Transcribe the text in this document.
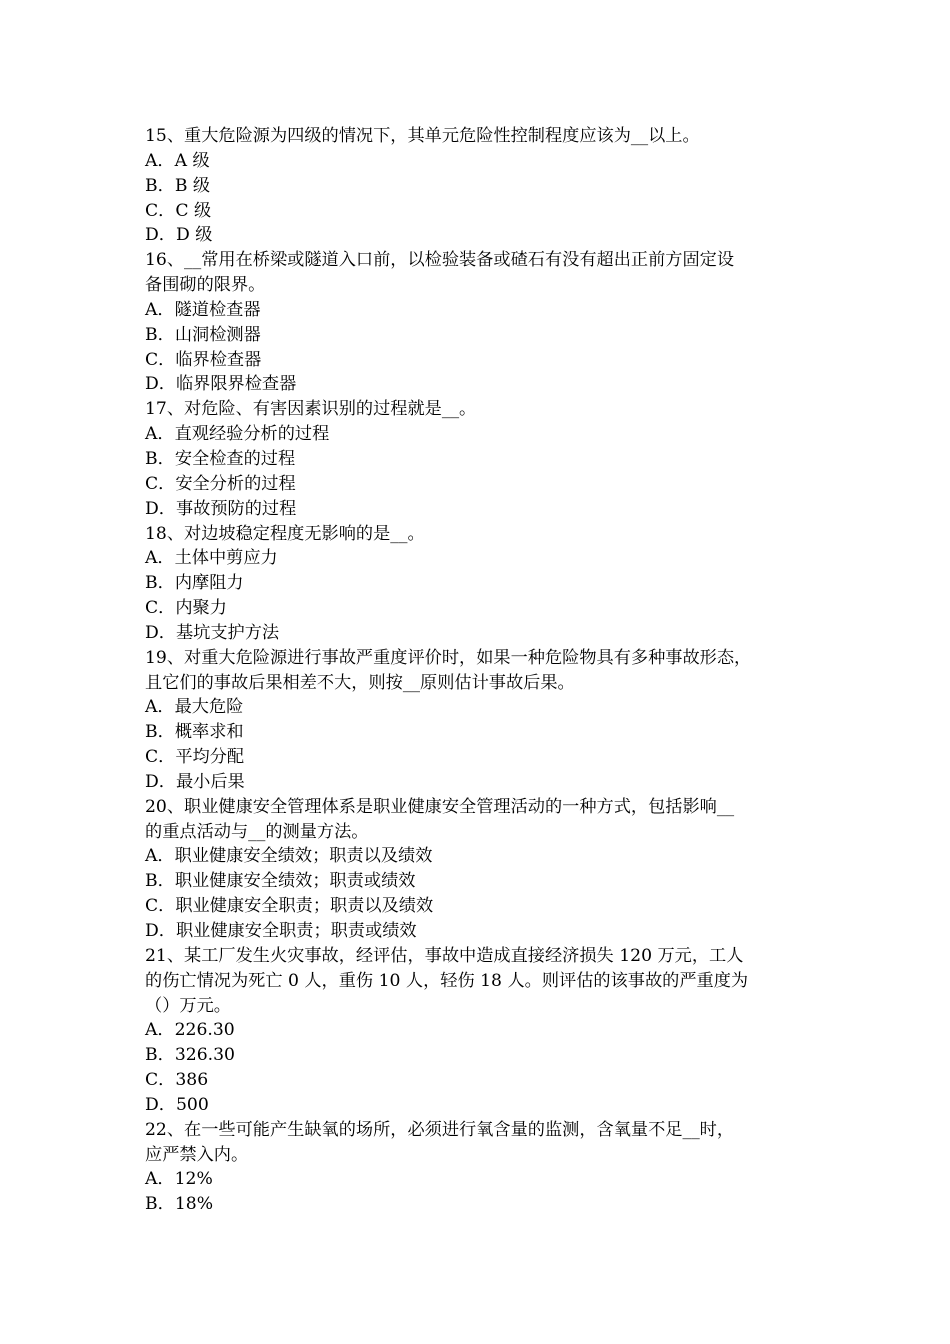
15、重大危险源为四级的情况下，其单元危险性控制程度应该为__以上。
A．A 级
B．B 级
C．C 级
D．D 级
16、__常用在桥梁或隧道入口前，以检验装备或碴石有没有超出正前方固定设
备围砌的限界。
A．隧道检查器
B．山洞检测器
C．临界检查器
D．临界限界检查器
17、对危险、有害因素识别的过程就是__。
A．直观经验分析的过程
B．安全检查的过程
C．安全分析的过程
D．事故预防的过程
18、对边坡稳定程度无影响的是__。
A．土体中剪应力
B．内摩阻力
C．内聚力
D．基坑支护方法
19、对重大危险源进行事故严重度评价时，如果一种危险物具有多种事故形态，
且它们的事故后果相差不大，则按__原则估计事故后果。
A．最大危险
B．概率求和
C．平均分配
D．最小后果
20、职业健康安全管理体系是职业健康安全管理活动的一种方式，包括影响__
的重点活动与__的测量方法。
A．职业健康安全绩效；职责以及绩效
B．职业健康安全绩效；职责或绩效
C．职业健康安全职责；职责以及绩效
D．职业健康安全职责；职责或绩效
21、某工厂发生火灾事故，经评估，事故中造成直接经济损失 120 万元，工人
的伤亡情况为死亡 0 人，重伤 10 人，轻伤 18 人。则评估的该事故的严重度为
（）万元。
A．226.30
B．326.30
C．386
D．500
22、在一些可能产生缺氧的场所，必须进行氧含量的监测，含氧量不足__时，
应严禁入内。
A．12%
B．18%
